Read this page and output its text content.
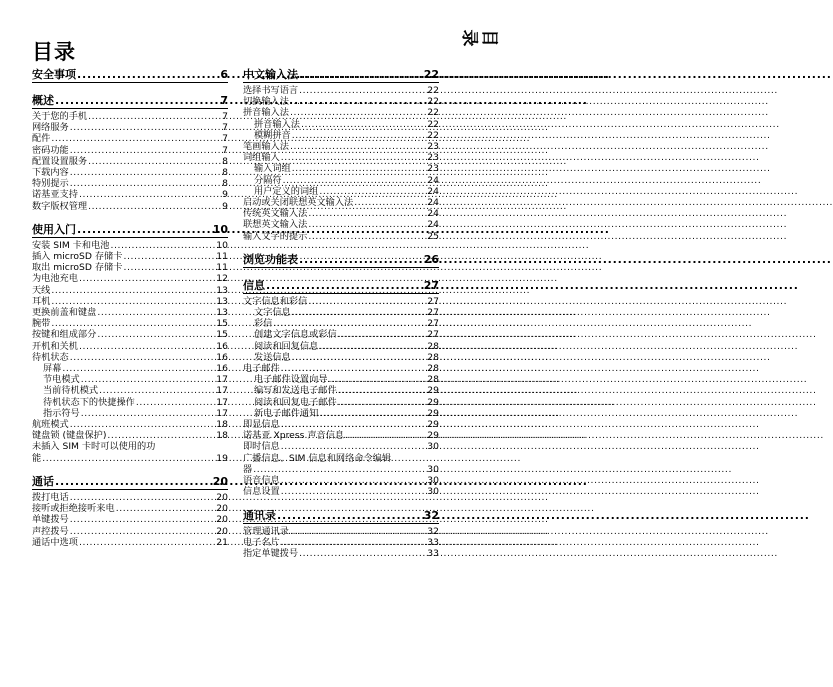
目录
目录
安全事项 .....	6
概述 .....	7
关于您的手机 .....	7
网络服务 .....	7
配件 .....	7
密码功能 .....	7
配置设置服务 .....	8
下载内容 .....	8
特别提示 .....	8
诺基亚支持 .....	9
数字版权管理 .....	9
使用入门 .....	10
安装 SIM 卡和电池 .....	10
插入 microSD 存储卡 .....	11
取出 microSD 存储卡 .....	11
为电池充电 .....	12
天线 .....	13
耳机 .....	13
更换前盖和键盘 .....	13
腕带 .....	15
按键和组成部分 .....	15
开机和关机 .....	16
待机状态 .....	16
屏幕 .....	16
节电模式 .....	17
当前待机模式 .....	17
待机状态下的快捷操作 .....	17
指示符号 .....	17
航班模式 .....	18
键盘锁 (键盘保护) .....	18
未插入 SIM 卡时可以使用的功
能 .....	19
通话 .....	20
拨打电话 .....	20
接听或拒绝接听来电 .....	20
单键拨号 .....	20
声控拨号 .....	20
通话中选项 .....	21
中文输入法 .....	22
选择书写语言 .....	22
切换输入法 .....	22
拼音输入法 .....	22
拼音输入法 .....	22
模糊拼音 .....	22
笔画输入法 .....	23
词组输入 .....	23
输入词组 .....	23
分隔符 .....	24
用户定义的词组 .....	24
启动或关闭联想英文输入法 .....	24
传统英文输入法 .....	24
联想英文输入法 .....	24
输入文字的提示 .....	25
浏览功能表 .....	26
信息 .....	27
文字信息和彩信 .....	27
文字信息 .....	27
彩信 .....	27
创建文字信息或彩信 .....	27
阅读和回复信息 .....	28
发送信息 .....	28
电子邮件 .....	28
电子邮件设置向导 .....	28
编写和发送电子邮件 .....	29
阅读和回复电子邮件 .....	29
新电子邮件通知 .....	29
即显信息 .....	29
诺基亚 Xpress 声音信息 .....	29
即时信息 .....	30
广播信息、SIM 信息和网络命令编辑
器 .....	30
语音信息 .....	30
信息设置 .....	30
通讯录 .....	32
管理通讯录 .....	32
电子名片 .....	33
指定单键拨号 .....	33
